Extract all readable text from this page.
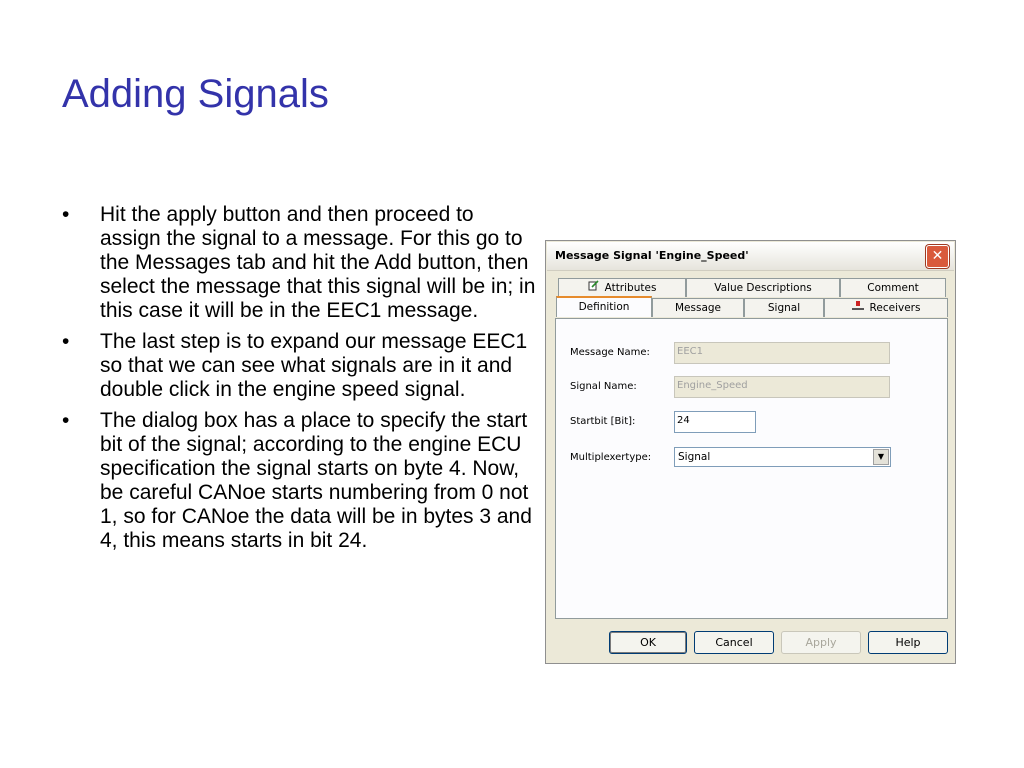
Adding Signals
• Hit the apply button and then proceed to assign the signal to a message. For this go to the Messages tab and hit the Add button, then select the message that this signal will be in; in this case it will be in the EEC1 message.
• The last step is to expand our message EEC1 so that we can see what signals are in it and double click in the engine speed signal.
• The dialog box has a place to specify the start bit of the signal; according to the engine ECU specification the signal starts on byte 4. Now, be careful CANoe starts numbering from 0 not 1, so for CANoe the data will be in bytes 3 and 4, this means starts in bit 24.
Message Signal 'Engine_Speed'	✕
Attributes	Value Descriptions	Comment
Definition	Message	Signal	Receivers
Message Name:	EEC1
Signal Name:	Engine_Speed
Startbit [Bit]:	24
Multiplexertype:	Signal	▼
OK	Cancel	Apply	Help
